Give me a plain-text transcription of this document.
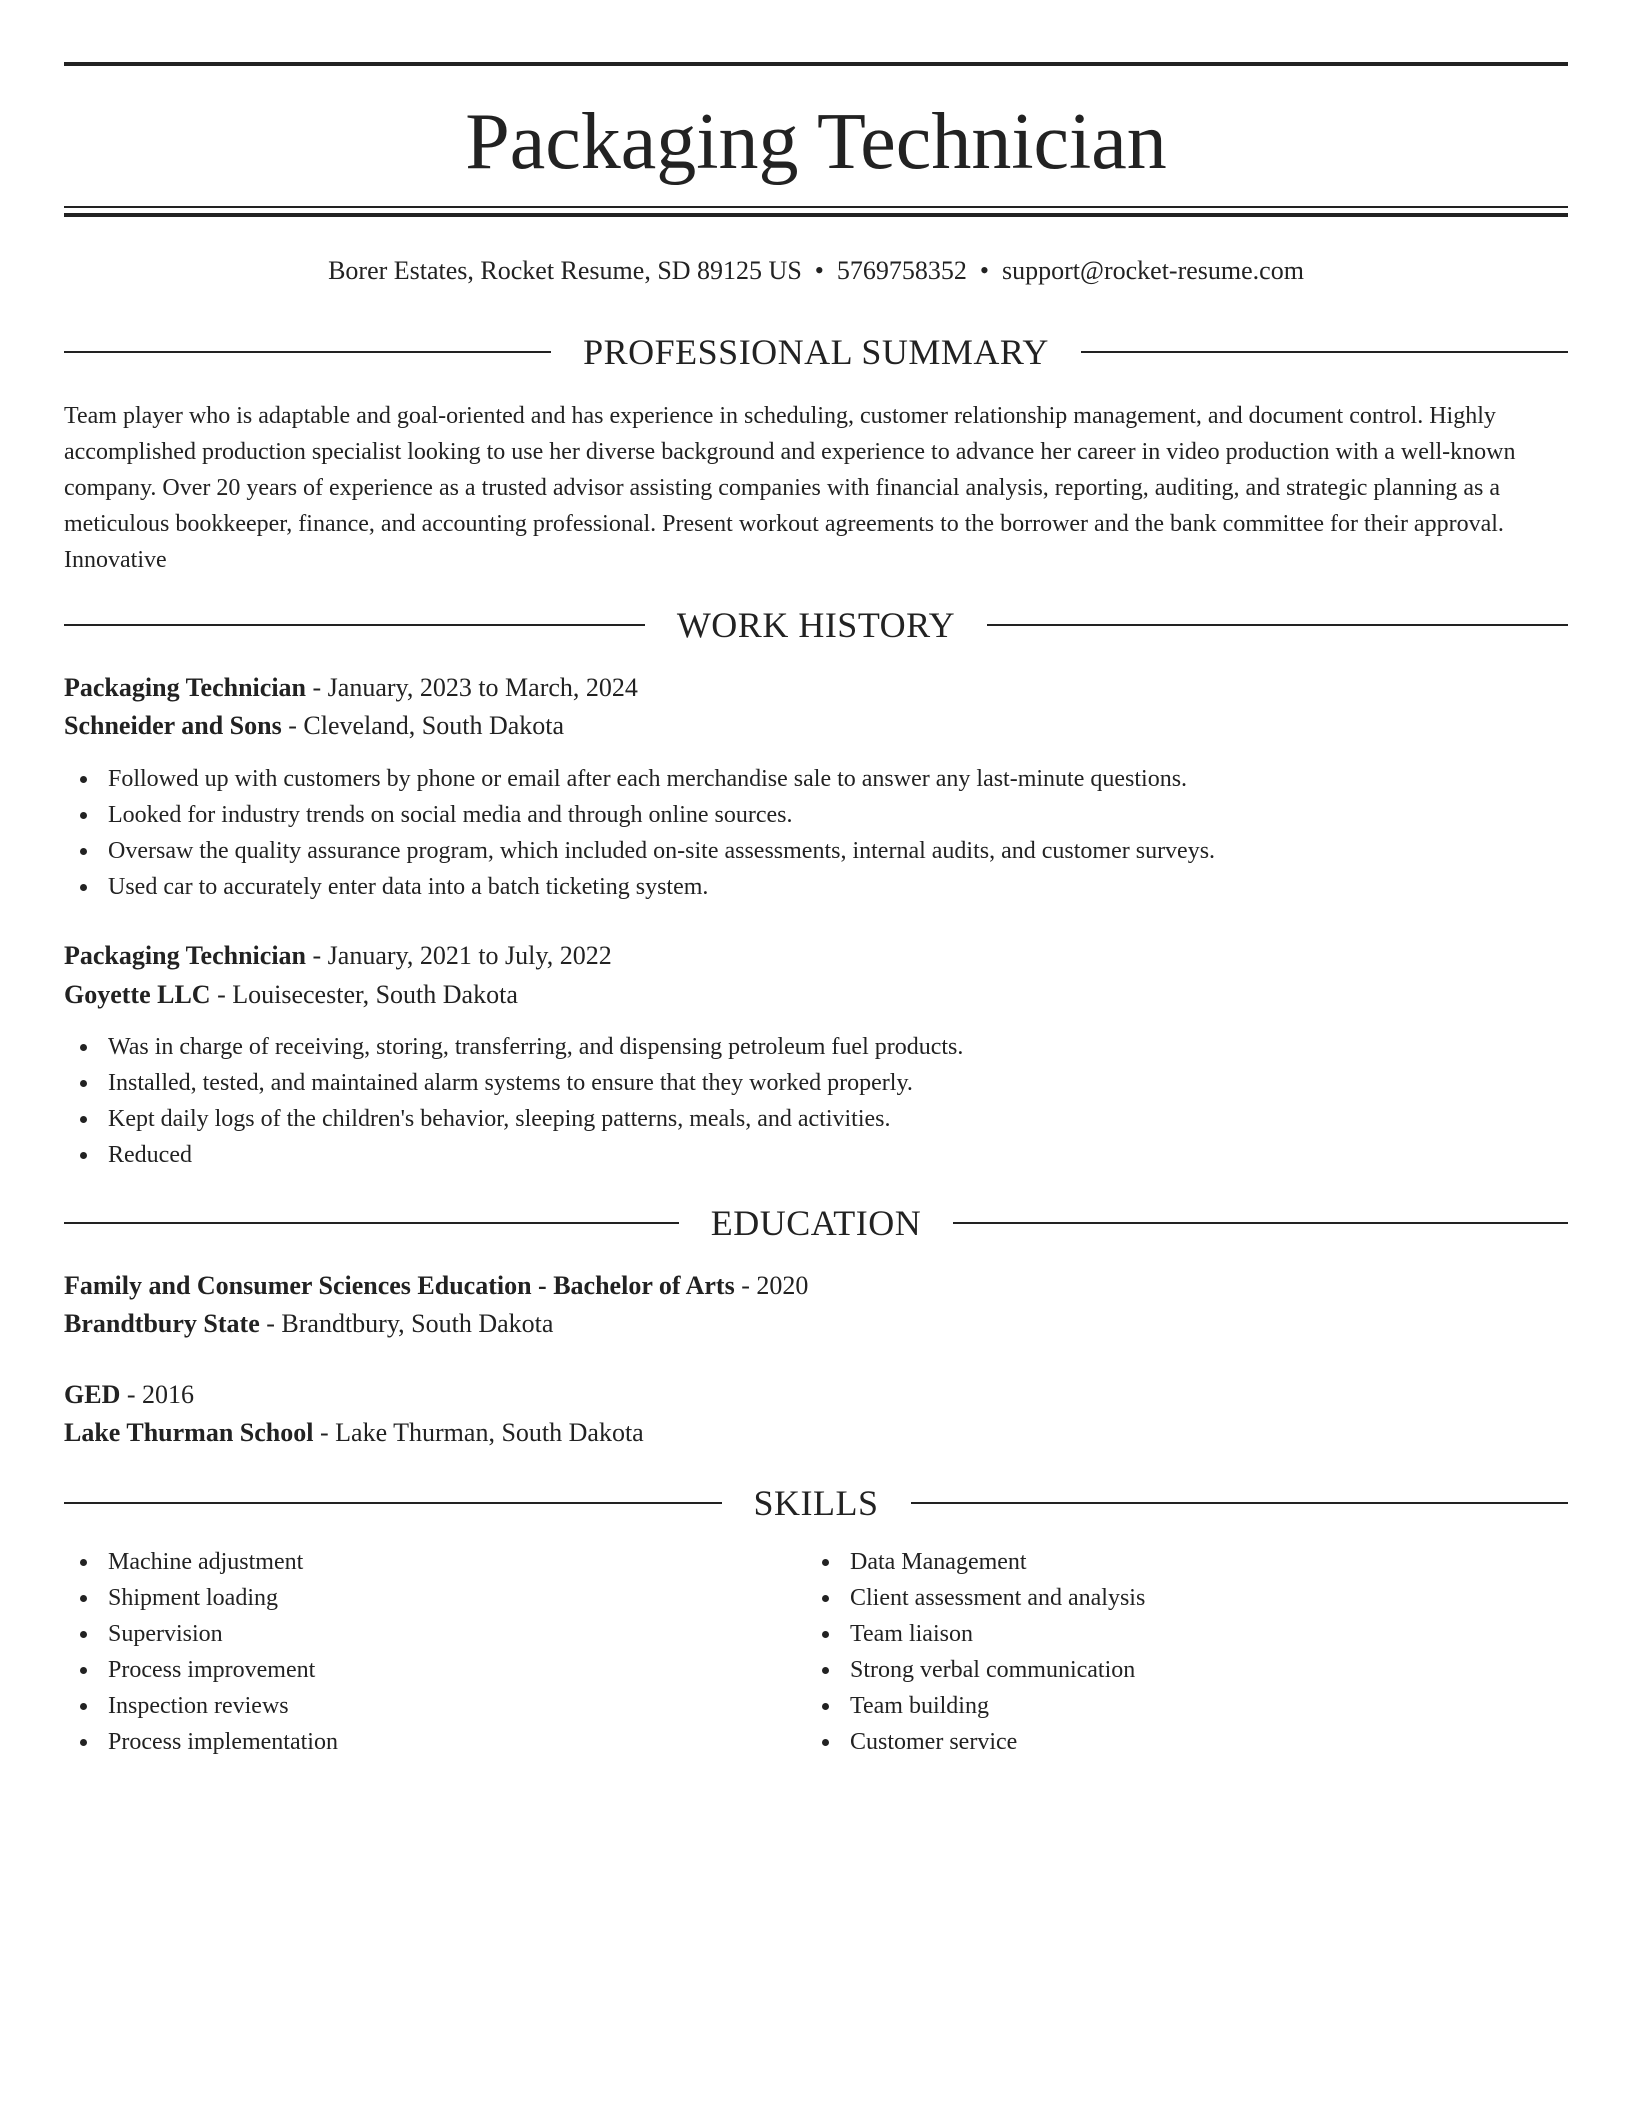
Packaging Technician
Borer Estates, Rocket Resume, SD 89125 US • 5769758352 • support@rocket-resume.com
PROFESSIONAL SUMMARY

Team player who is adaptable and goal-oriented and has experience in scheduling, customer relationship management, and document control. Highly accomplished production specialist looking to use her diverse background and experience to advance her career in video production with a well-known company. Over 20 years of experience as a trusted advisor assisting companies with financial analysis, reporting, auditing, and strategic planning as a meticulous bookkeeper, finance, and accounting professional. Present workout agreements to the borrower and the bank committee for their approval. Innovative

WORK HISTORY
Packaging Technician - January, 2023 to March, 2024
Schneider and Sons - Cleveland, South Dakota
Followed up with customers by phone or email after each merchandise sale to answer any last-minute questions.
Looked for industry trends on social media and through online sources.
Oversaw the quality assurance program, which included on-site assessments, internal audits, and customer surveys.
Used car to accurately enter data into a batch ticketing system.
Packaging Technician - January, 2021 to July, 2022
Goyette LLC - Louisecester, South Dakota
Was in charge of receiving, storing, transferring, and dispensing petroleum fuel products.
Installed, tested, and maintained alarm systems to ensure that they worked properly.
Kept daily logs of the children's behavior, sleeping patterns, meals, and activities.
Reduced
EDUCATION
Family and Consumer Sciences Education - Bachelor of Arts - 2020
Brandtbury State - Brandtbury, South Dakota
GED - 2016
Lake Thurman School - Lake Thurman, South Dakota
SKILLS
Machine adjustment
Shipment loading
Supervision
Process improvement
Inspection reviews
Process implementation
Data Management
Client assessment and analysis
Team liaison
Strong verbal communication
Team building
Customer service
